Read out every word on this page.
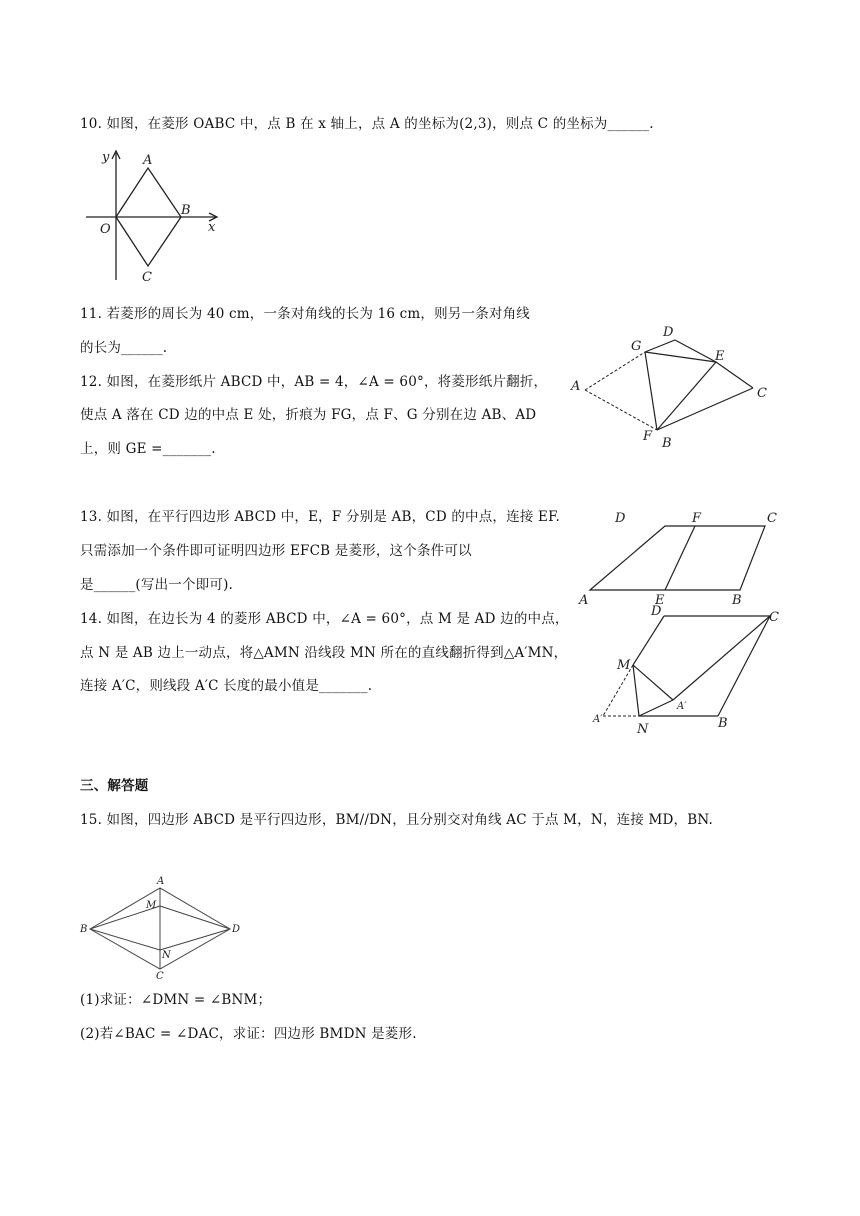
10. 如图，在菱形 OABC 中，点 B 在 x 轴上，点 A 的坐标为(2,3)，则点 C 的坐标为______.
y
x
O
A
B
C
11. 若菱形的周长为 40 cm，一条对角线的长为 16 cm，则另一条对角线
的长为______.
12. 如图，在菱形纸片 ABCD 中，AB = 4，∠A = 60°，将菱形纸片翻折，
使点 A 落在 CD 边的中点 E 处，折痕为 FG，点 F、G 分别在边 AB、AD
上，则 GE =_______.
D
G
E
A	C
F B
13. 如图，在平行四边形 ABCD 中，E，F 分别是 AB，CD 的中点，连接 EF.
只需添加一个条件即可证明四边形 EFCB 是菱形，这个条件可以
是______(写出一个即可).
D	F	C
A	E	B
14. 如图，在边长为 4 的菱形 ABCD 中，∠A = 60°，点 M 是 AD 边的中点，
点 N 是 AB 边上一动点，将△AMN 沿线段 MN 所在的直线翻折得到△A′MN，
连接 A′C，则线段 A′C 长度的最小值是_______.
D	C
M
A′
A′
N	B
三、解答题
15. 如图，四边形 ABCD 是平行四边形，BM//DN，且分别交对角线 AC 于点 M，N，连接 MD，BN.
A
M
B	D
N
C
(1)求证：∠DMN = ∠BNM；
(2)若∠BAC = ∠DAC，求证：四边形 BMDN 是菱形.
